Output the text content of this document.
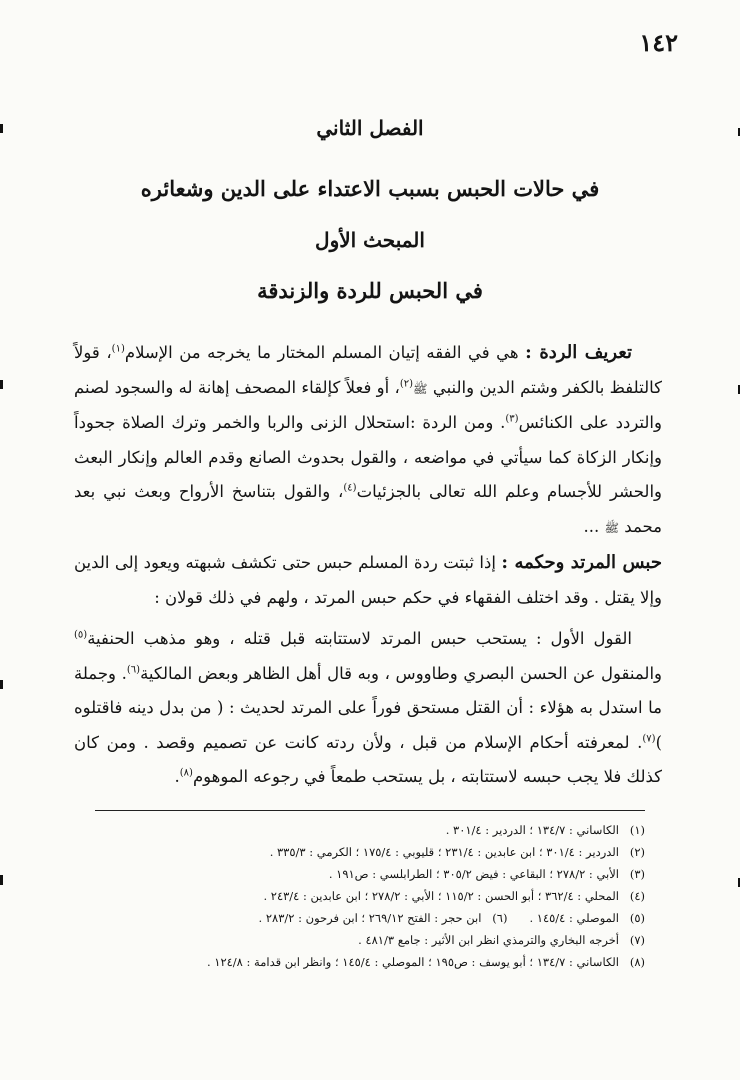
١٤٢
الفصل الثاني
في حالات الحبس بسبب الاعتداء على الدين وشعائره
المبحث الأول
في الحبس للردة والزندقة

تعريف الردة : هي في الفقه إتيان المسلم المختار ما يخرجه من الإسلام$^{(١)}$، قولاً كالتلفظ بالكفر وشتم الدين والنبي ﷺ$^{(٢)}$، أو فعلاً كإلقاء المصحف إهانة له والسجود لصنم والتردد على الكنائس$^{(٣)}$. ومن الردة :استحلال الزنى والربا والخمر وترك الصلاة جحوداً وإنكار الزكاة كما سيأتي في مواضعه ، والقول بحدوث الصانع وقدم العالم وإنكار البعث والحشر للأجسام وعلم الله تعالى بالجزئيات$^{(٤)}$، والقول بتناسخ الأرواح وبعث نبي بعد محمد ﷺ ...

حبس المرتد وحكمه : إذا ثبتت ردة المسلم حبس حتى تكشف شبهته ويعود إلى الدين وإلا يقتل . وقد اختلف الفقهاء في حكم حبس المرتد ، ولهم في ذلك قولان :

القول الأول : يستحب حبس المرتد لاستتابته قبل قتله ، وهو مذهب الحنفية$^{(٥)}$ والمنقول عن الحسن البصري وطاووس ، وبه قال أهل الظاهر وبعض المالكية$^{(٦)}$. وجملة ما استدل به هؤلاء : أن القتل مستحق فوراً على المرتد لحديث : ( من بدل دينه فاقتلوه )$^{(٧)}$. لمعرفته أحكام الإسلام من قبل ، ولأن ردته كانت عن تصميم وقصد . ومن كان كذلك فلا يجب حبسه لاستتابته ، بل يستحب طمعاً في رجوعه الموهوم$^{(٨)}$.

(١)الكاساني : ١٣٤/٧ ؛ الدردير : ٣٠١/٤ .
(٢)الدردير : ٣٠١/٤ ؛ ابن عابدين : ٢٣١/٤ ؛ قليوبي : ١٧٥/٤ ؛ الكرمي : ٣٣٥/٣ .
(٣)الأبي : ٢٧٨/٢ ؛ البقاعي : فيض ٣٠٥/٢ ؛ الطرابلسي : ص١٩١ .
(٤)المحلي : ٣٦٢/٤ ؛ أبو الحسن : ١١٥/٢ ؛ الأبي : ٢٧٨/٢ ؛ ابن عابدين : ٢٤٣/٤ .
(٥)الموصلي : ١٤٥/٤ .(٦)ابن حجر : الفتح ٢٦٩/١٢ ؛ ابن فرحون : ٢٨٣/٢ .
(٧)أخرجه البخاري والترمذي انظر ابن الأثير : جامع ٤٨١/٣ .
(٨)الكاساني : ١٣٤/٧ ؛ أبو يوسف : ص١٩٥ ؛ الموصلي : ١٤٥/٤ ؛ وانظر ابن قدامة : ١٢٤/٨ .
